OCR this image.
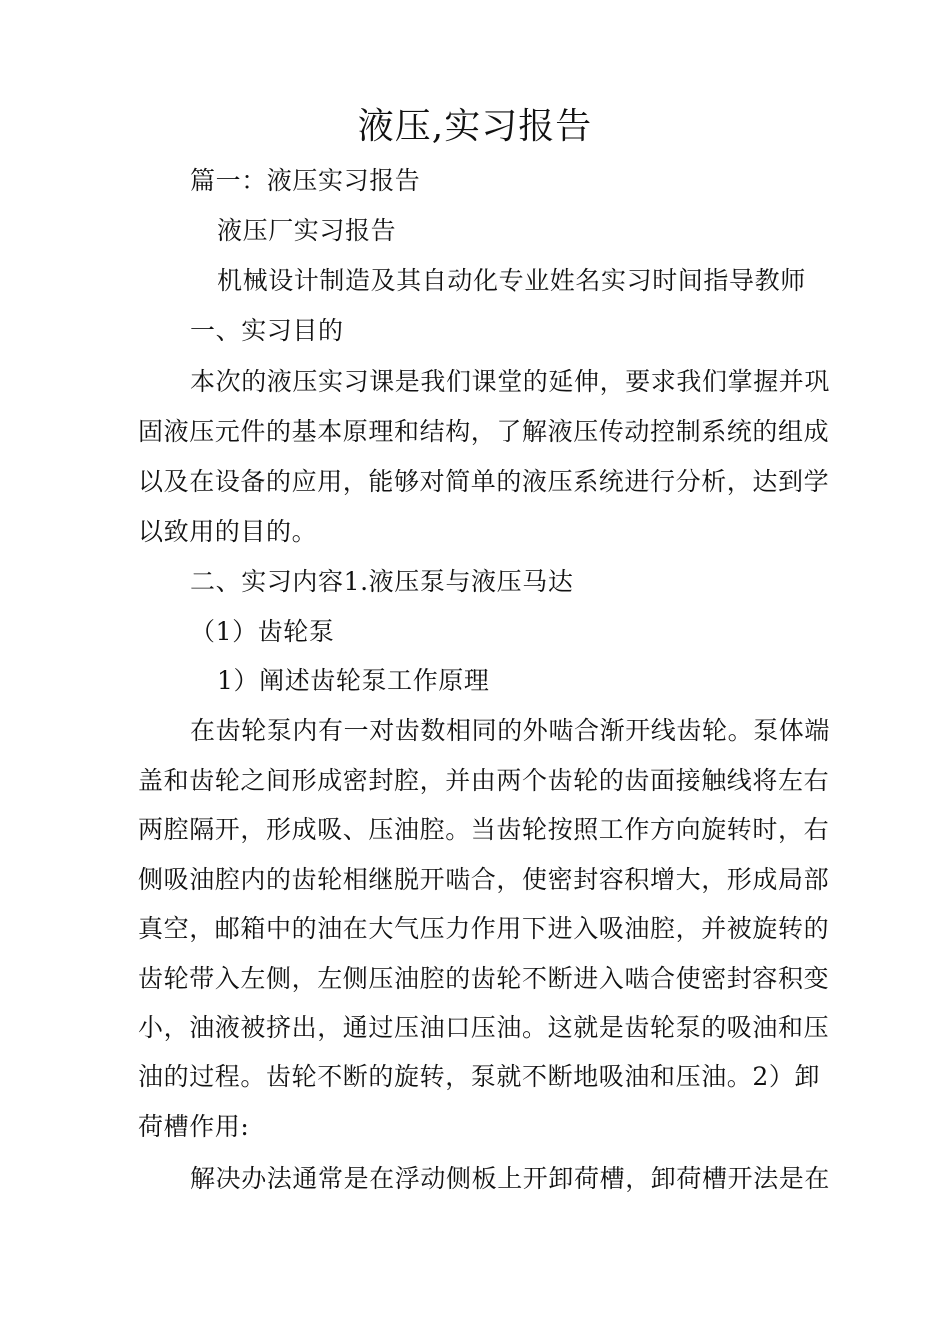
液压,实习报告
篇一：液压实习报告
液压厂实习报告
机械设计制造及其自动化专业姓名实习时间指导教师
一、实习目的
本次的液压实习课是我们课堂的延伸，要求我们掌握并巩
固液压元件的基本原理和结构，了解液压传动控制系统的组成
以及在设备的应用，能够对简单的液压系统进行分析，达到学
以致用的目的。
二、实习内容1.液压泵与液压马达
（1）齿轮泵
1）阐述齿轮泵工作原理
在齿轮泵内有一对齿数相同的外啮合渐开线齿轮。泵体端
盖和齿轮之间形成密封腔，并由两个齿轮的齿面接触线将左右
两腔隔开，形成吸、压油腔。当齿轮按照工作方向旋转时，右
侧吸油腔内的齿轮相继脱开啮合，使密封容积增大，形成局部
真空，邮箱中的油在大气压力作用下进入吸油腔，并被旋转的
齿轮带入左侧，左侧压油腔的齿轮不断进入啮合使密封容积变
小，油液被挤出，通过压油口压油。这就是齿轮泵的吸油和压
油的过程。齿轮不断的旋转，泵就不断地吸油和压油。2）卸
荷槽作用:
解决办法通常是在浮动侧板上开卸荷槽，卸荷槽开法是在
